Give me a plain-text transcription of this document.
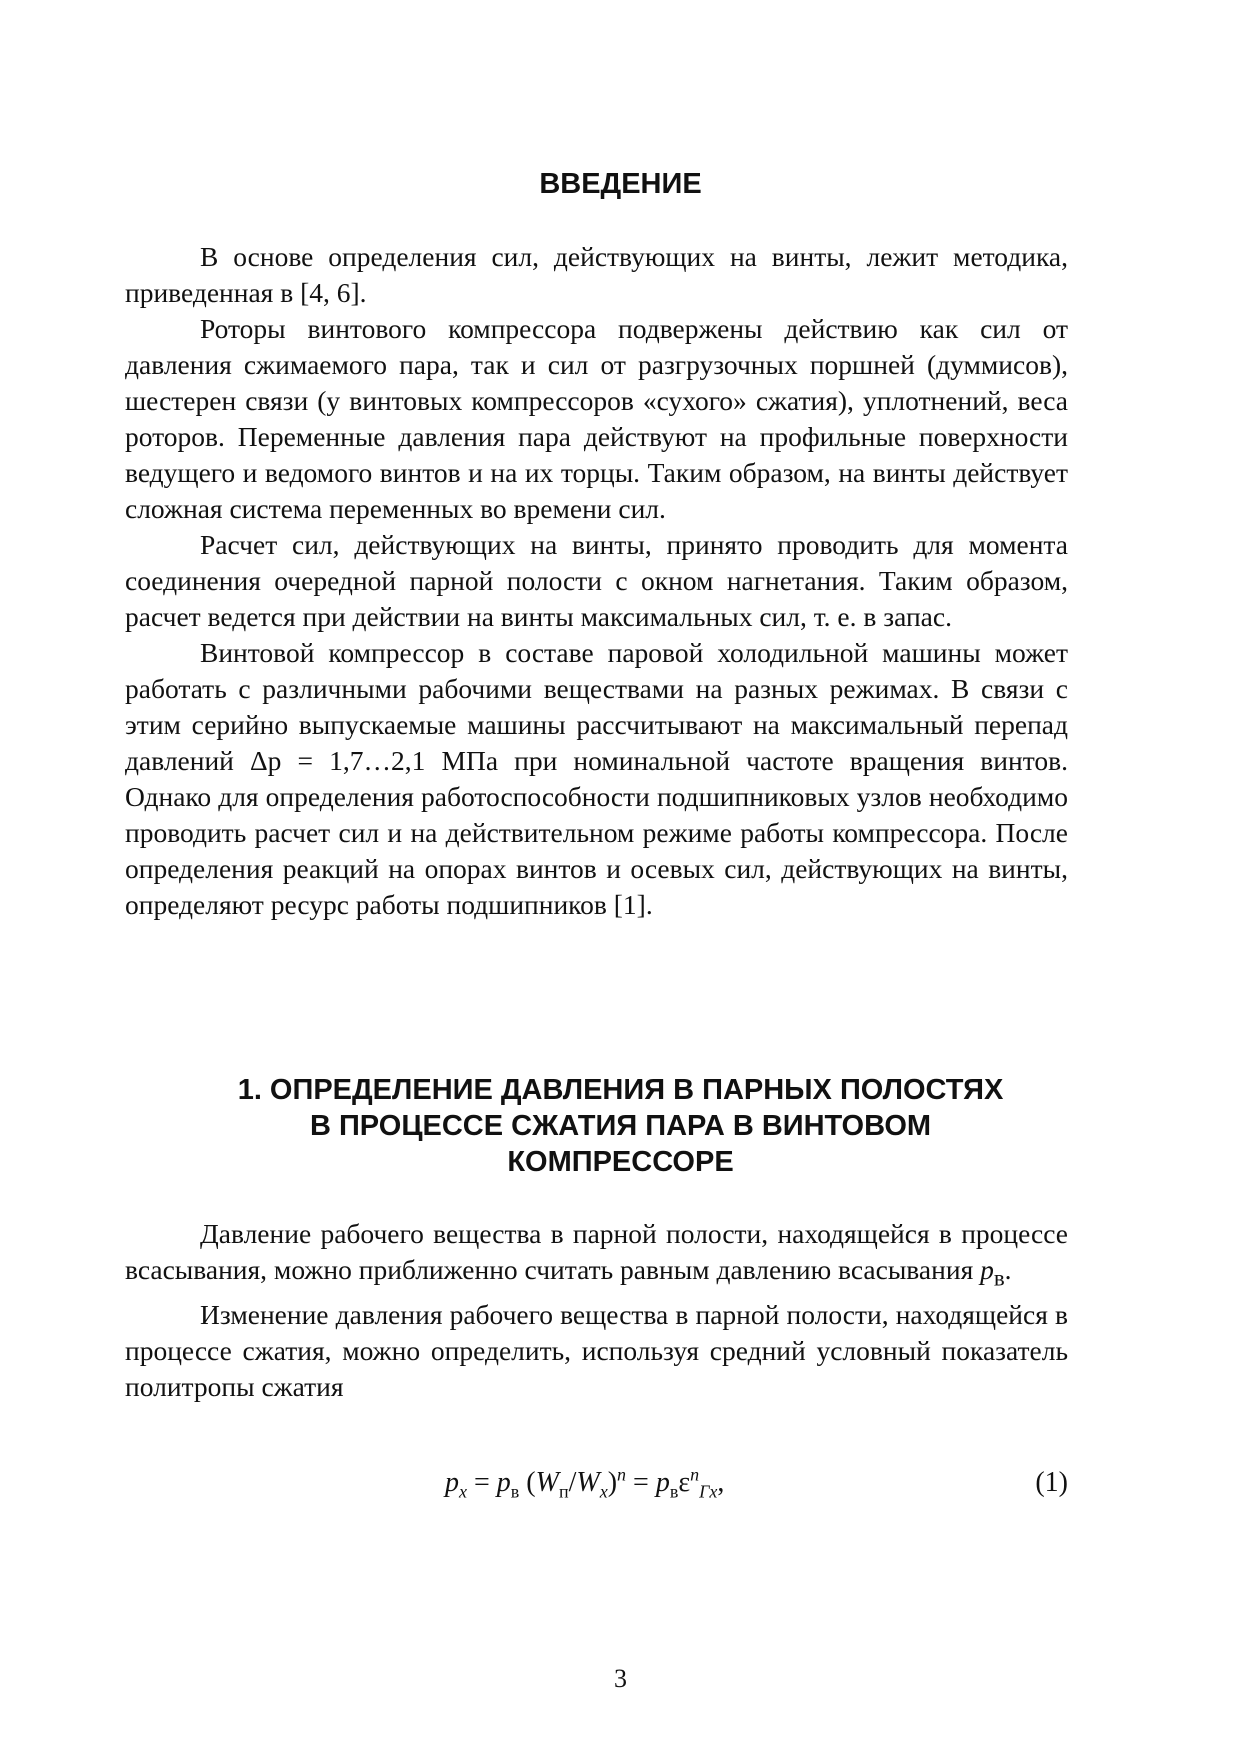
ВВЕДЕНИЕ

В основе определения сил, действующих на винты, лежит методика, приведенная в [4, 6].

Роторы винтового компрессора подвержены действию как сил от давления сжимаемого пара, так и сил от разгрузочных поршней (думмисов), шестерен связи (у винтовых компрессоров «сухого» сжатия), уплотнений, веса роторов. Переменные давления пара действуют на профильные поверхности ведущего и ведомого винтов и на их торцы. Таким образом, на винты действует сложная система переменных во времени сил.

Расчет сил, действующих на винты, принято проводить для момента соединения очередной парной полости с окном нагнетания. Таким образом, расчет ведется при действии на винты максимальных сил, т. е. в запас.

Винтовой компрессор в составе паровой холодильной машины может работать с различными рабочими веществами на разных режимах. В связи с этим серийно выпускаемые машины рассчитывают на максимальный перепад давлений Δp = 1,7…2,1 МПа при номинальной частоте вращения винтов. Однако для определения работоспособности подшипниковых узлов необходимо проводить расчет сил и на действительном режиме работы компрессора. После определения реакций на опорах винтов и осевых сил, действующих на винты, определяют ресурс работы подшипников [1].

1. ОПРЕДЕЛЕНИЕ ДАВЛЕНИЯ В ПАРНЫХ ПОЛОСТЯХ
В ПРОЦЕССЕ СЖАТИЯ ПАРА В ВИНТОВОМ
КОМПРЕССОРЕ

Давление рабочего вещества в парной полости, находящейся в процессе всасывания, можно приближенно считать равным давлению всасывания $p_в$.

Изменение давления рабочего вещества в парной полости, находящейся в процессе сжатия, можно определить, используя средний условный показатель политропы сжатия

$p_x = p_в$ $(W_п/W_x)^n = p_в\varepsilon^n_{Гx}$,	(1)
3
